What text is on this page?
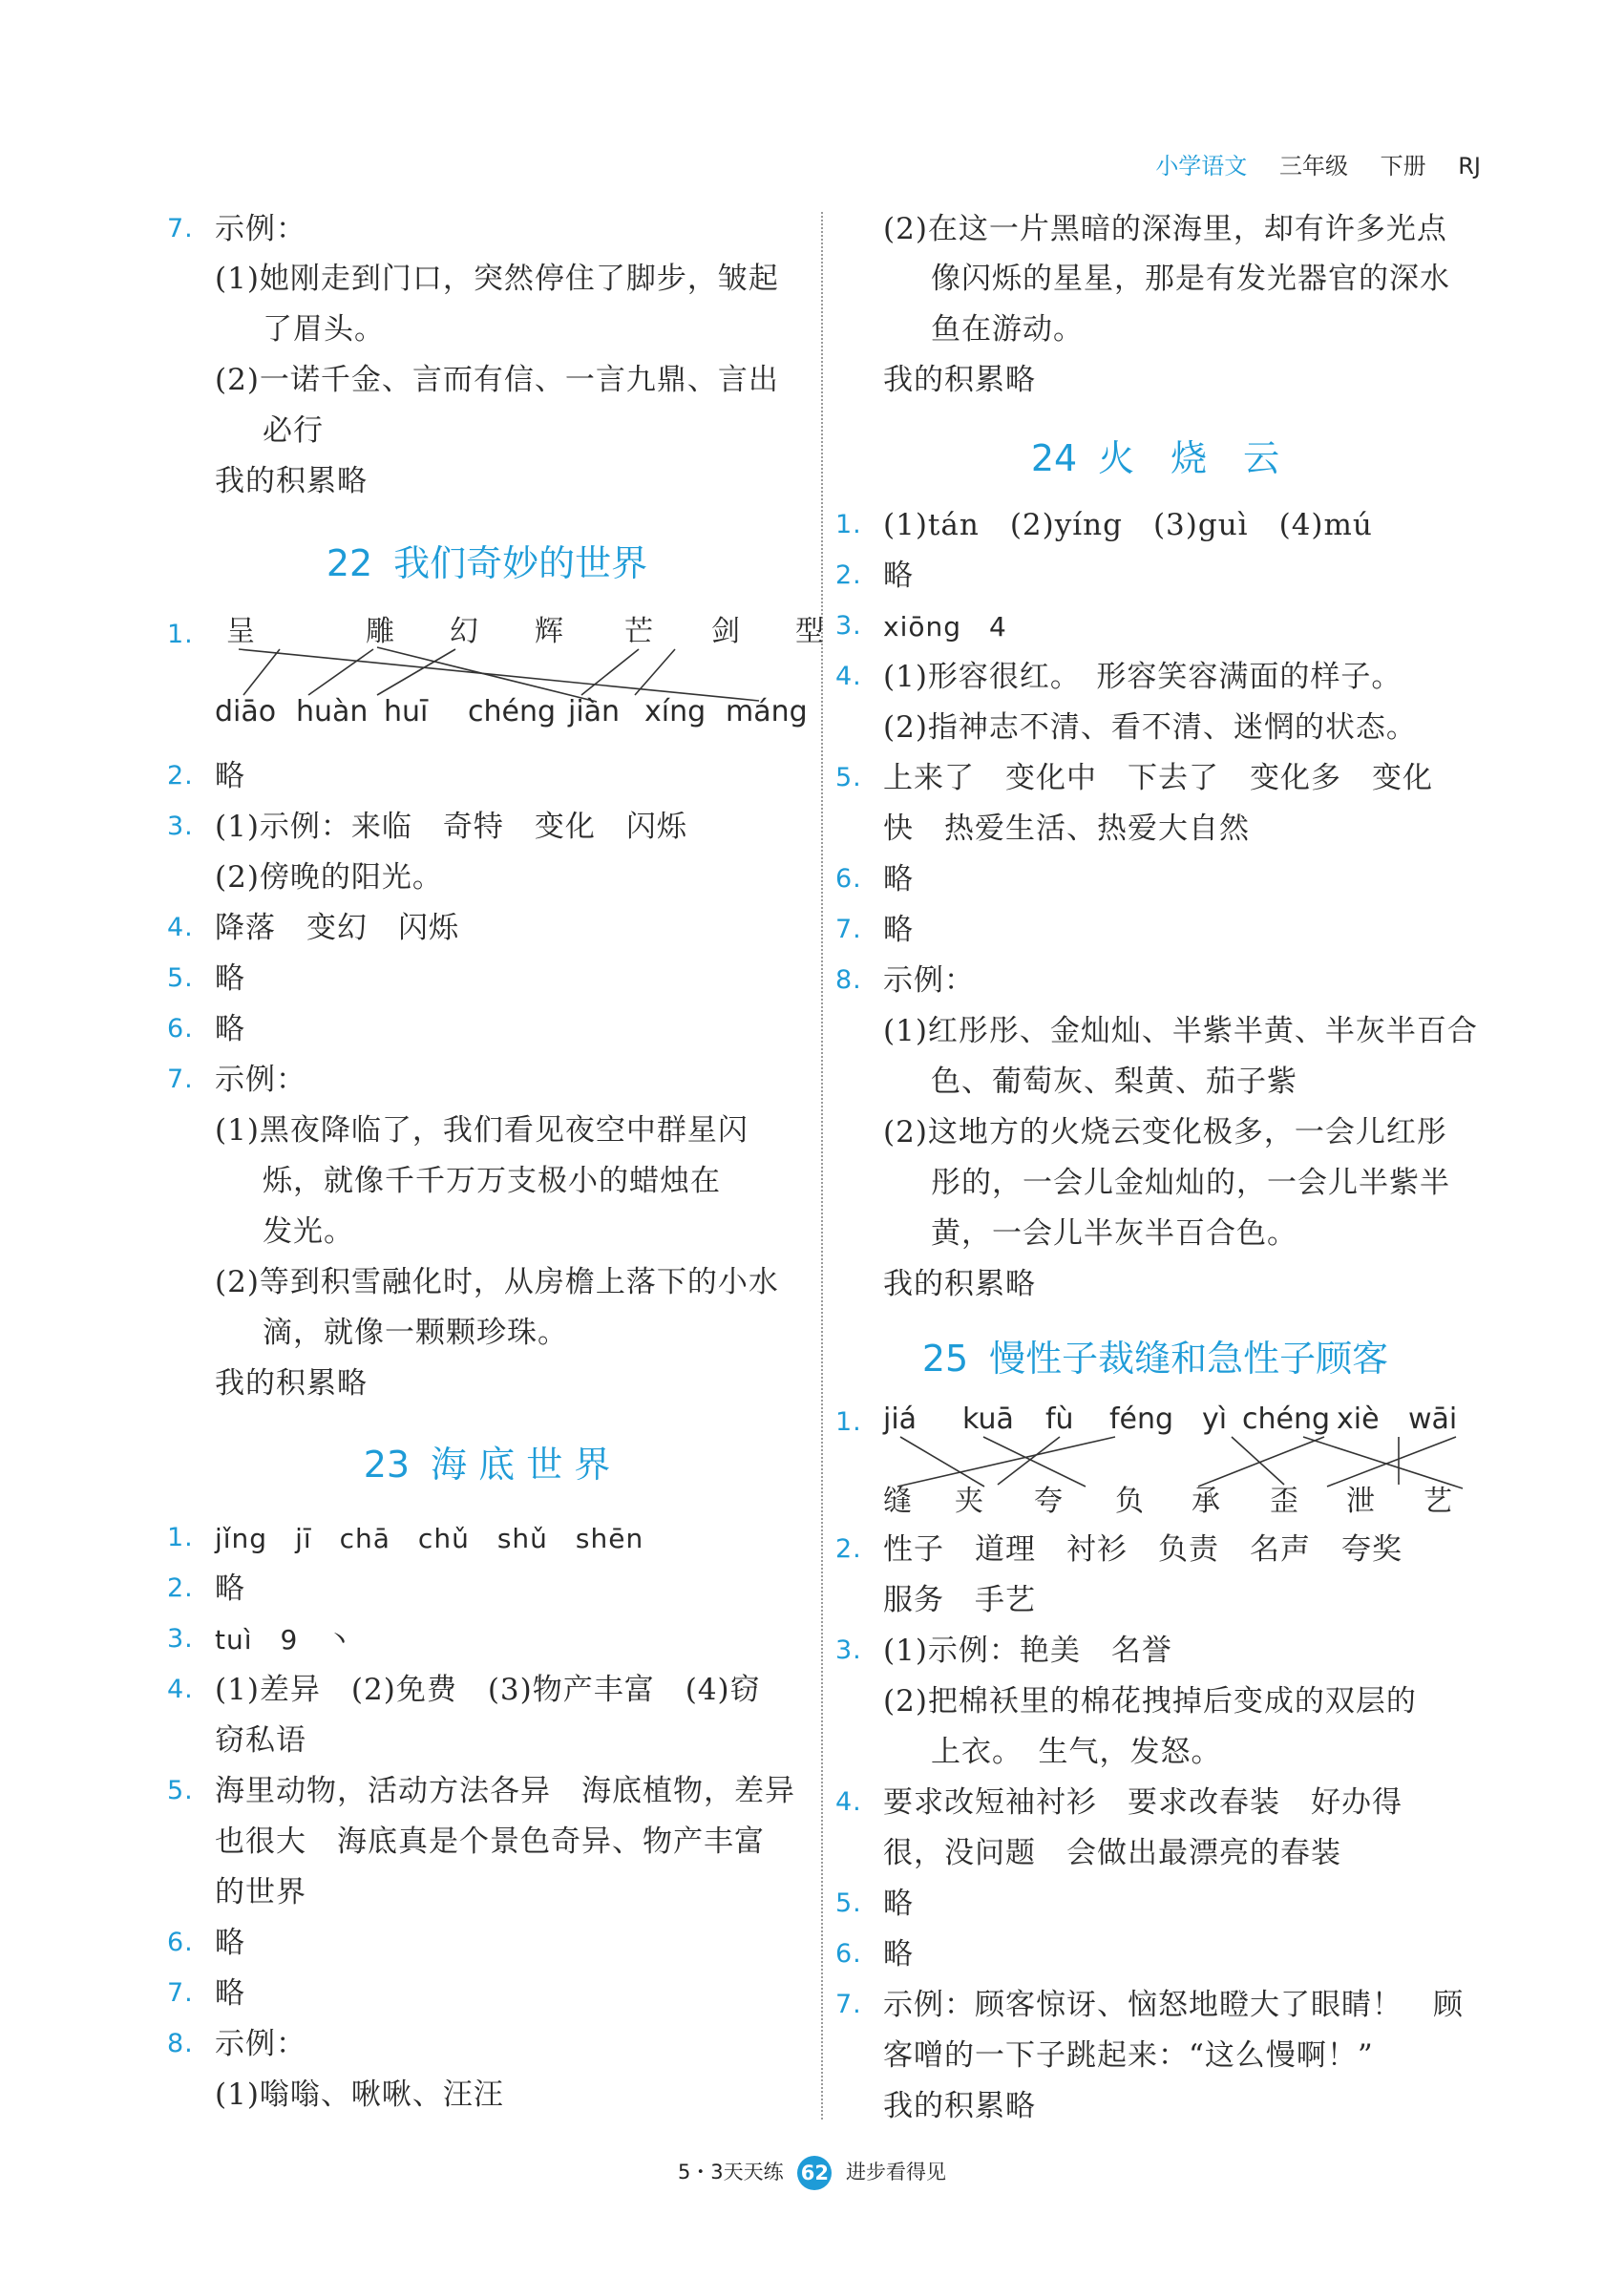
小学语文 三年级 下册 RJ
7. 示例：
(1)她刚走到门口，突然停住了脚步，皱起
了眉头。
(2)一诺千金、言而有信、一言九鼎、言出
必行
我的积累略
22 我们奇妙的世界
1. 呈	雕 幻 辉 芒 剑 型
diāo huàn huī chéng jiàn xíng máng
2. 略
3. (1)示例：来临　奇特　变化　闪烁
(2)傍晚的阳光。
4. 降落　变幻　闪烁
5. 略
6. 略
7. 示例：
(1)黑夜降临了，我们看见夜空中群星闪
烁，就像千千万万支极小的蜡烛在
发光。
(2)等到积雪融化时，从房檐上落下的小水
滴，就像一颗颗珍珠。
我的积累略
23 海 底 世 界
1. jǐng　jī　chā　chǔ　shǔ　shēn
2. 略
3. tuì　9　丶
4. (1)差异　(2)免费　(3)物产丰富　(4)窃
窃私语
5. 海里动物，活动方法各异　海底植物，差异
也很大　海底真是个景色奇异、物产丰富
的世界
6. 略
7. 略
8. 示例：
(1)嗡嗡、啾啾、汪汪
(2)在这一片黑暗的深海里，却有许多光点
像闪烁的星星，那是有发光器官的深水
鱼在游动。
我的积累略
24 火　烧　云
1. (1)tán　(2)yíng　(3)guì　(4)mú
2. 略
3. xiōng　4
4. (1)形容很红。　形容笑容满面的样子。
(2)指神志不清、看不清、迷惘的状态。
5. 上来了　变化中　下去了　变化多　变化
快　热爱生活、热爱大自然
6. 略
7. 略
8. 示例：
(1)红彤彤、金灿灿、半紫半黄、半灰半百合
色、葡萄灰、梨黄、茄子紫
(2)这地方的火烧云变化极多，一会儿红彤
彤的，一会儿金灿灿的，一会儿半紫半
黄，一会儿半灰半百合色。
我的积累略
25 慢性子裁缝和急性子顾客
1. jiá kuā fù féng yì chéng xiè wāi
缝 夹 夸 负 承 歪 泄 艺
2. 性子　道理　衬衫　负责　名声　夸奖
服务　手艺
3. (1)示例：艳美　名誉
(2)把棉袄里的棉花拽掉后变成的双层的
上衣。　生气，发怒。
4. 要求改短袖衬衫　要求改春装　好办得
很，没问题　会做出最漂亮的春装
5. 略
6. 略
7. 示例：顾客惊讶、恼怒地瞪大了眼睛！　顾
客噌的一下子跳起来：“这么慢啊！”
我的积累略
5・3天天练 62 进步看得见
